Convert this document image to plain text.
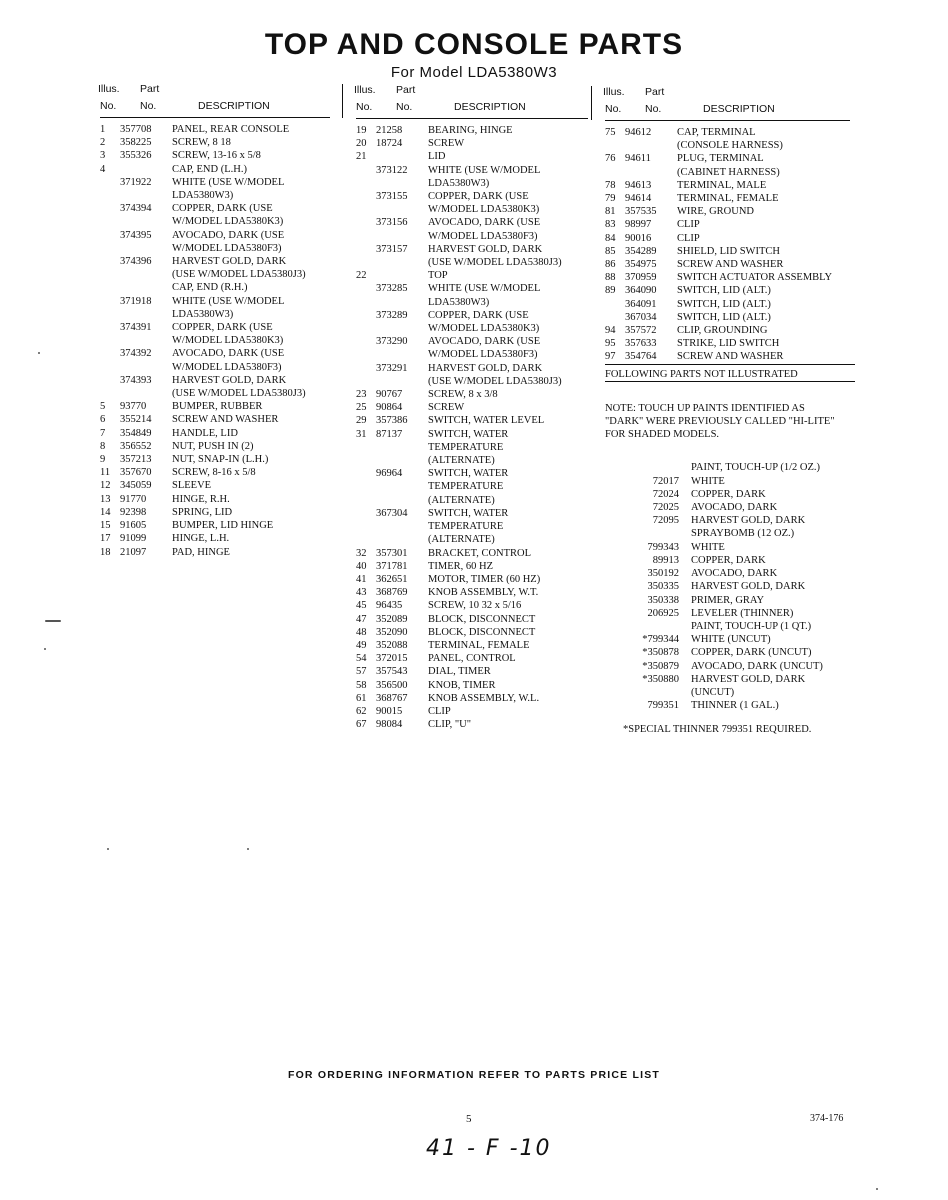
TOP AND CONSOLE PARTS
For Model LDA5380W3
Illus. Part
No. No.	DESCRIPTION
1	357708	PANEL, REAR CONSOLE
2	358225	SCREW, 8 18
3	355326	SCREW, 13-16 x 5/8
4	CAP, END (L.H.)
371922	WHITE (USE W/MODEL
LDA5380W3)
374394	COPPER, DARK (USE
W/MODEL LDA5380K3)
374395	AVOCADO, DARK (USE
W/MODEL LDA5380F3)
374396	HARVEST GOLD, DARK
(USE W/MODEL LDA5380J3)
CAP, END (R.H.)
371918	WHITE (USE W/MODEL
LDA5380W3)
374391	COPPER, DARK (USE
W/MODEL LDA5380K3)
374392	AVOCADO, DARK (USE
W/MODEL LDA5380F3)
374393	HARVEST GOLD, DARK
(USE W/MODEL LDA5380J3)
5	93770	BUMPER, RUBBER
6	355214	SCREW AND WASHER
7	354849	HANDLE, LID
8	356552	NUT, PUSH IN (2)
9	357213	NUT, SNAP-IN (L.H.)
11 357670	SCREW, 8-16 x 5/8
12 345059	SLEEVE
13 91770	HINGE, R.H.
14 92398	SPRING, LID
15 91605	BUMPER, LID HINGE
17 91099	HINGE, L.H.
18 21097	PAD, HINGE
Illus. Part
No. No.	DESCRIPTION
19 21258	BEARING, HINGE
20 18724	SCREW
21	LID
373122	WHITE (USE W/MODEL
LDA5380W3)
373155	COPPER, DARK (USE
W/MODEL LDA5380K3)
373156	AVOCADO, DARK (USE
W/MODEL LDA5380F3)
373157	HARVEST GOLD, DARK
(USE W/MODEL LDA5380J3)
22	TOP
373285	WHITE (USE W/MODEL
LDA5380W3)
373289	COPPER, DARK (USE
W/MODEL LDA5380K3)
373290	AVOCADO, DARK (USE
W/MODEL LDA5380F3)
373291	HARVEST GOLD, DARK
(USE W/MODEL LDA5380J3)
23 90767	SCREW, 8 x 3/8
25 90864	SCREW
29 357386	SWITCH, WATER LEVEL
31 87137	SWITCH, WATER
TEMPERATURE
(ALTERNATE)
96964	SWITCH, WATER
TEMPERATURE
(ALTERNATE)
367304	SWITCH, WATER
TEMPERATURE
(ALTERNATE)
32 357301	BRACKET, CONTROL
40 371781	TIMER, 60 HZ
41 362651	MOTOR, TIMER (60 HZ)
43 368769	KNOB ASSEMBLY, W.T.
45 96435	SCREW, 10 32 x 5/16
47 352089	BLOCK, DISCONNECT
48 352090	BLOCK, DISCONNECT
49 352088	TERMINAL, FEMALE
54 372015	PANEL, CONTROL
57 357543	DIAL, TIMER
58 356500	KNOB, TIMER
61 368767	KNOB ASSEMBLY, W.L.
62 90015	CLIP
67 98084	CLIP, "U"
Illus. Part
No. No.	DESCRIPTION
75 94612	CAP, TERMINAL
(CONSOLE HARNESS)
76 94611	PLUG, TERMINAL
(CABINET HARNESS)
78 94613	TERMINAL, MALE
79 94614	TERMINAL, FEMALE
81 357535	WIRE, GROUND
83 98997	CLIP
84 90016	CLIP
85 354289	SHIELD, LID SWITCH
86 354975	SCREW AND WASHER
88 370959	SWITCH ACTUATOR ASSEMBLY
89 364090	SWITCH, LID (ALT.)
364091	SWITCH, LID (ALT.)
367034	SWITCH, LID (ALT.)
94 357572	CLIP, GROUNDING
95 357633	STRIKE, LID SWITCH
97 354764	SCREW AND WASHER
FOLLOWING PARTS NOT ILLUSTRATED
NOTE: TOUCH UP PAINTS IDENTIFIED AS "DARK" WERE PREVIOUSLY CALLED "HI-LITE" FOR SHADED MODELS.
PAINT, TOUCH-UP (1/2 OZ.)
72017	WHITE
72024	COPPER, DARK
72025	AVOCADO, DARK
72095	HARVEST GOLD, DARK
SPRAYBOMB (12 OZ.)
799343	WHITE
89913	COPPER, DARK
350192	AVOCADO, DARK
350335	HARVEST GOLD, DARK
350338	PRIMER, GRAY
206925	LEVELER (THINNER)
PAINT, TOUCH-UP (1 QT.)
*799344	WHITE (UNCUT)
*350878	COPPER, DARK (UNCUT)
*350879	AVOCADO, DARK (UNCUT)
*350880	HARVEST GOLD, DARK
(UNCUT)
799351	THINNER (1 GAL.)
*SPECIAL THINNER 799351 REQUIRED.
FOR ORDERING INFORMATION REFER TO PARTS PRICE LIST
5	374-176
41 - F -10
